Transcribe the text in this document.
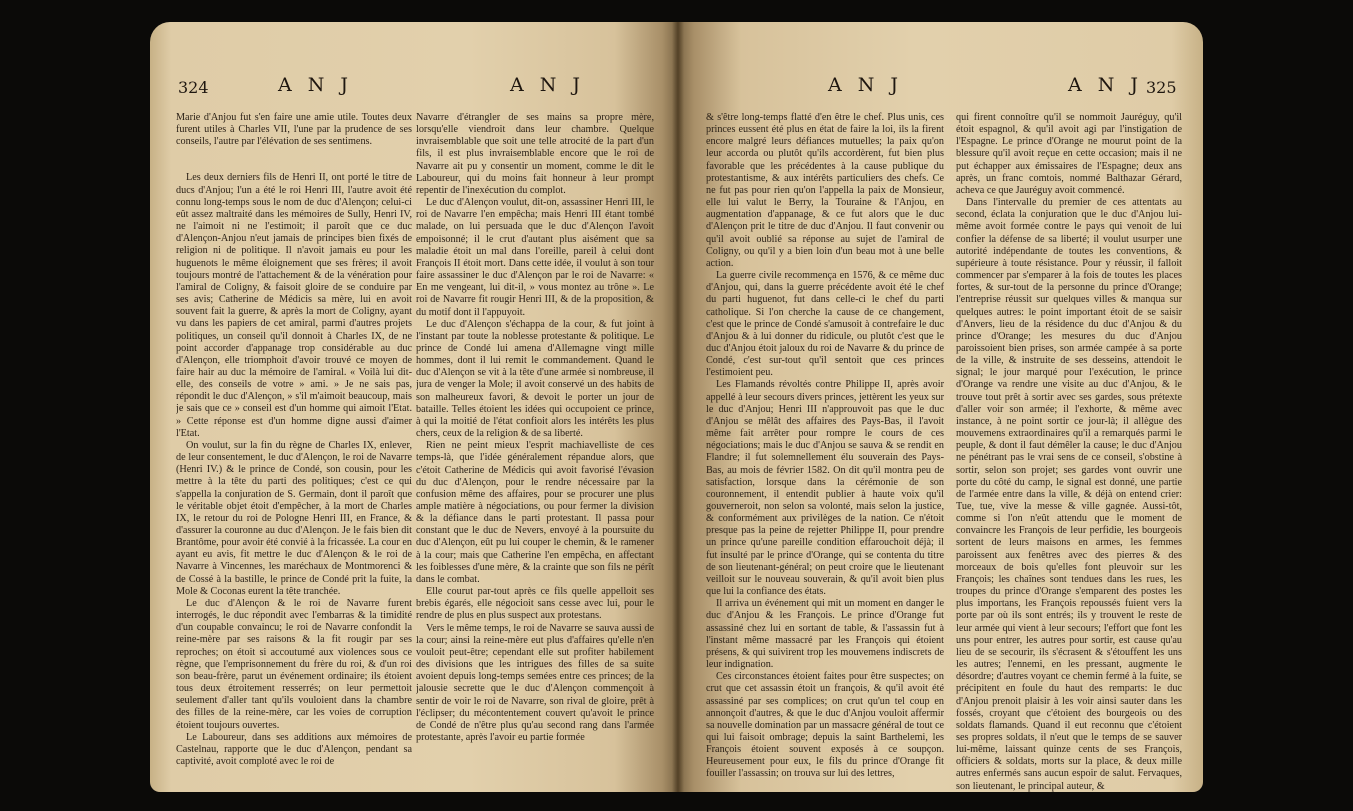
324	A N J	A N J

Marie d'Anjou fut s'en faire une amie utile. Toutes deux furent utiles à Charles VII, l'une par la prudence de ses conseils, l'autre par l'élévation de ses sentimens.

Les deux derniers fils de Henri II, ont porté le titre de ducs d'Anjou; l'un a été le roi Henri III, l'autre avoit été connu long-temps sous le nom de duc d'Alençon; celui-ci eût assez maltraité dans les mémoires de Sully, Henri IV, ne l'aimoit ni ne l'estimoit; il paroît que ce duc d'Alençon-Anjou n'eut jamais de principes bien fixés de religion ni de politique. Il n'avoit jamais eu pour les huguenots le même éloignement que ses frères; il avoit toujours montré de l'attachement & de la vénération pour l'amiral de Coligny, & faisoit gloire de se conduire par ses avis; Catherine de Médicis sa mère, lui en avoit souvent fait la guerre, & après la mort de Coligny, ayant vu dans les papiers de cet amiral, parmi d'autres projets politiques, un conseil qu'il donnoit à Charles IX, de ne point accorder d'appanage trop considérable au duc d'Alençon, elle triomphoit d'avoir trouvé ce moyen de faire hair au duc la mémoire de l'amiral. « Voilà lui dit-elle, des conseils de votre » ami. » Je ne sais pas, répondit le duc d'Alençon, » s'il m'aimoit beaucoup, mais je sais que ce » conseil est d'un homme qui aimoit l'Etat. » Cette réponse est d'un homme digne aussi d'aimer l'Etat.

On voulut, sur la fin du règne de Charles IX, enlever, de leur consentement, le duc d'Alençon, le roi de Navarre (Henri IV.) & le prince de Condé, son cousin, pour les mettre à la tête du parti des politiques; c'est ce qui s'appella la conjuration de S. Germain, dont il paroît que le véritable objet étoit d'empêcher, à la mort de Charles IX, le retour du roi de Pologne Henri III, en France, & d'assurer la couronne au duc d'Alençon. Je le fais bien dit Brantôme, pour avoir été convié à la fricassée. La cour en ayant eu avis, fit mettre le duc d'Alençon & le roi de Navarre à Vincennes, les maréchaux de Montmorenci & de Cossé à la bastille, le prince de Condé prit la fuite, la Mole & Coconas eurent la tête tranchée.

Le duc d'Alençon & le roi de Navarre furent interrogés, le duc répondit avec l'embarras & la timidité d'un coupable convaincu; le roi de Navarre confondit la reine-mère par ses raisons & la fit rougir par ses reproches; on étoit si accoutumé aux violences sous ce règne, que l'emprisonnement du frère du roi, & d'un roi son beau-frère, parut un événement ordinaire; ils étoient tous deux étroitement resserrés; on leur permettoit seulement d'aller tant qu'ils vouloient dans la chambre des filles de la reine-mère, car les voies de corruption étoient toujours ouvertes.

Le Laboureur, dans ses additions aux mémoires de Castelnau, rapporte que le duc d'Alençon, pendant sa captivité, avoit comploté avec le roi de

Navarre d'étrangler de ses mains sa propre mère, lorsqu'elle viendroit dans leur chambre. Quelque invraisemblable que soit une telle atrocité de la part d'un fils, il est plus invraisemblable encore que le roi de Navarre ait pu y consentir un moment, comme le dit le Laboureur, qui du moins fait honneur à leur prompt repentir de l'inexécution du complot.

Le duc d'Alençon voulut, dit-on, assassiner Henri III, le roi de Navarre l'en empêcha; mais Henri III étant tombé malade, on lui persuada que le duc d'Alençon l'avoit empoisonné; il le crut d'autant plus aisément que sa maladie étoit un mal dans l'oreille, pareil à celui dont François II étoit mort. Dans cette idée, il voulut à son tour faire assassiner le duc d'Alençon par le roi de Navarre: « En me vengeant, lui dit-il, » vous montez au trône ». Le roi de Navarre fit rougir Henri III, & de la proposition, & du motif dont il l'appuyoit.

Le duc d'Alençon s'échappa de la cour, & fut joint à l'instant par toute la noblesse protestante & politique. Le prince de Condé lui amena d'Allemagne vingt mille hommes, dont il lui remit le commandement. Quand le duc d'Alençon se vit à la tête d'une armée si nombreuse, il jura de venger la Mole; il avoit conservé un des habits de son malheureux favori, & devoit le porter un jour de bataille. Telles étoient les idées qui occupoient ce prince, à qui la moitié de l'état confioit alors les intérêts les plus chers, ceux de la religion & de sa liberté.

Rien ne peint mieux l'esprit machiavelliste de ces temps-là, que l'idée généralement répandue alors, que c'étoit Catherine de Médicis qui avoit favorisé l'évasion du duc d'Alençon, pour le rendre nécessaire par la confusion même des affaires, pour se procurer une plus ample matière à négociations, ou pour fermer la division & la défiance dans le parti protestant. Il passa pour constant que le duc de Nevers, envoyé à la poursuite du duc d'Alençon, eût pu lui couper le chemin, & le ramener à la cour; mais que Catherine l'en empêcha, en affectant les foiblesses d'une mère, & la crainte que son fils ne pérît dans le combat.

Elle courut par-tout après ce fils quelle appelloit ses brebis égarés, elle négocioit sans cesse avec lui, pour le rendre de plus en plus suspect aux protestans.

Vers le même temps, le roi de Navarre se sauva aussi de la cour; ainsi la reine-mère eut plus d'affaires qu'elle n'en vouloit peut-être; cependant elle sut profiter habilement des divisions que les intrigues des filles de sa suite avoient depuis long-temps semées entre ces princes; de la jalousie secrette que le duc d'Alençon commençoit à sentir de voir le roi de Navarre, son rival de gloire, prêt à l'éclipser; du mécontentement couvert qu'avoit le prince de Condé de n'être plus qu'au second rang dans l'armée protestante, après l'avoir eu partie formée

A N J	A N J 325

& s'être long-temps flatté d'en être le chef. Plus unis, ces princes eussent été plus en état de faire la loi, ils la firent encore malgré leurs défiances mutuelles; la paix qu'on leur accorda ou plutôt qu'ils accordèrent, fut bien plus favorable que les précédentes à la cause publique du protestantisme, & aux intérêts particuliers des chefs. Ce ne fut pas pour rien qu'on l'appella la paix de Monsieur, elle lui valut le Berry, la Touraine & l'Anjou, en augmentation d'appanage, & ce fut alors que le duc d'Alençon prit le titre de duc d'Anjou. Il faut convenir ou qu'il avoit oublié sa réponse au sujet de l'amiral de Coligny, ou qu'il y a bien loin d'un beau mot à une belle action.

La guerre civile recommença en 1576, & ce même duc d'Anjou, qui, dans la guerre précédente avoit été le chef du parti huguenot, fut dans celle-ci le chef du parti catholique. Si l'on cherche la cause de ce changement, c'est que le prince de Condé s'amusoit à contrefaire le duc d'Anjou & à lui donner du ridicule, ou plutôt c'est que le duc d'Anjou étoit jaloux du roi de Navarre & du prince de Condé, c'est sur-tout qu'il sentoit que ces princes l'estimoient peu.

Les Flamands révoltés contre Philippe II, après avoir appellé à leur secours divers princes, jettèrent les yeux sur le duc d'Anjou; Henri III n'approuvoit pas que le duc d'Anjou se mêlât des affaires des Pays-Bas, il l'avoit même fait arrêter pour rompre le cours de ces négociations; mais le duc d'Anjou se sauva & se rendit en Flandre; il fut solemnellement élu souverain des Pays-Bas, au mois de février 1582. On dit qu'il montra peu de satisfaction, lorsque dans la cérémonie de son couronnement, il entendit publier à haute voix qu'il gouverneroit, non selon sa volonté, mais selon la justice, & conformément aux privilèges de la nation. Ce n'étoit presque pas la peine de rejetter Philippe II, pour prendre un prince qu'une pareille condition effarouchoit déjà; il fut insulté par le prince d'Orange, qui se contenta du titre de son lieutenant-général; on peut croire que le lieutenant veilloit sur le nouveau souverain, & qu'il avoit bien plus que lui la confiance des états.

Il arriva un événement qui mit un moment en danger le duc d'Anjou & les François. Le prince d'Orange fut assassiné chez lui en sortant de table, & l'assassin fut à l'instant même massacré par les François qui étoient présens, & qui suivirent trop les mouvemens indiscrets de leur indignation.

Ces circonstances étoient faites pour être suspectes; on crut que cet assassin étoit un françois, & qu'il avoit été assassiné par ses complices; on crut qu'un tel coup en annonçoit d'autres, & que le duc d'Anjou vouloit affermir sa nouvelle domination par un massacre général de tout ce qui lui faisoit ombrage; depuis la saint Barthelemi, les François étoient souvent exposés à ce soupçon. Heureusement pour eux, le fils du prince d'Orange fit fouiller l'assassin; on trouva sur lui des lettres,

qui firent connoître qu'il se nommoit Jauréguy, qu'il étoit espagnol, & qu'il avoit agi par l'instigation de l'Espagne. Le prince d'Orange ne mourut point de la blessure qu'il avoit reçue en cette occasion; mais il ne put échapper aux émissaires de l'Espagne; deux ans après, un franc comtois, nommé Balthazar Gérard, acheva ce que Jauréguy avoit commencé.

Dans l'intervalle du premier de ces attentats au second, éclata la conjuration que le duc d'Anjou lui-même avoit formée contre le pays qui venoit de lui confier la défense de sa liberté; il voulut usurper une autorité indépendante de toutes les conventions, & supérieure à toute résistance. Pour y réussir, il falloit commencer par s'emparer à la fois de toutes les places fortes, & sur-tout de la personne du prince d'Orange; l'entreprise réussit sur quelques villes & manqua sur quelques autres: le point important étoit de se saisir d'Anvers, lieu de la résidence du duc d'Anjou & du prince d'Orange; les mesures du duc d'Anjou paroissoient bien prises, son armée campée à sa porte de la ville, & instruite de ses desseins, attendoit le signal; le jour marqué pour l'exécution, le prince d'Orange va rendre une visite au duc d'Anjou, & le trouve tout prêt à sortir avec ses gardes, sous prétexte d'aller voir son armée; il l'exhorte, & même avec instance, à ne point sortir ce jour-là; il allègue des mouvemens extraordinaires qu'il a remarqués parmi le peuple, & dont il faut démêler la cause; le duc d'Anjou ne pénétrant pas le vrai sens de ce conseil, s'obstine à sortir, selon son projet; ses gardes vont ouvrir une porte du côté du camp, le signal est donné, une partie de l'armée entre dans la ville, & déjà on entend crier: Tue, tue, vive la messe & ville gagnée. Aussi-tôt, comme si l'on n'eût attendu que le moment de convaincre les François de leur perfidie, les bourgeois sortent de leurs maisons en armes, les femmes paroissent aux fenêtres avec des pierres & des morceaux de bois qu'elles font pleuvoir sur les François; les chaînes sont tendues dans les rues, les troupes du prince d'Orange s'emparent des postes les plus importans, les François repoussés fuient vers la porte par où ils sont entrés; ils y trouvent le reste de leur armée qui vient à leur secours; l'effort que font les uns pour entrer, les autres pour sortir, est cause qu'au lieu de se secourir, ils s'écrasent & s'étouffent les uns les autres; l'ennemi, en les pressant, augmente le désordre; d'autres voyant ce chemin fermé à la fuite, se précipitent en foule du haut des remparts: le duc d'Anjou prenoit plaisir à les voir ainsi sauter dans les fossés, croyant que c'étoient des bourgeois ou des soldats flamands. Quand il eut reconnu que c'étoient ses propres soldats, il n'eut que le temps de se sauver lui-même, laissant quinze cents de ses François, officiers & soldats, morts sur la place, & deux mille autres enfermés sans aucun espoir de salut. Fervaques, son lieutenant, le principal auteur, &
